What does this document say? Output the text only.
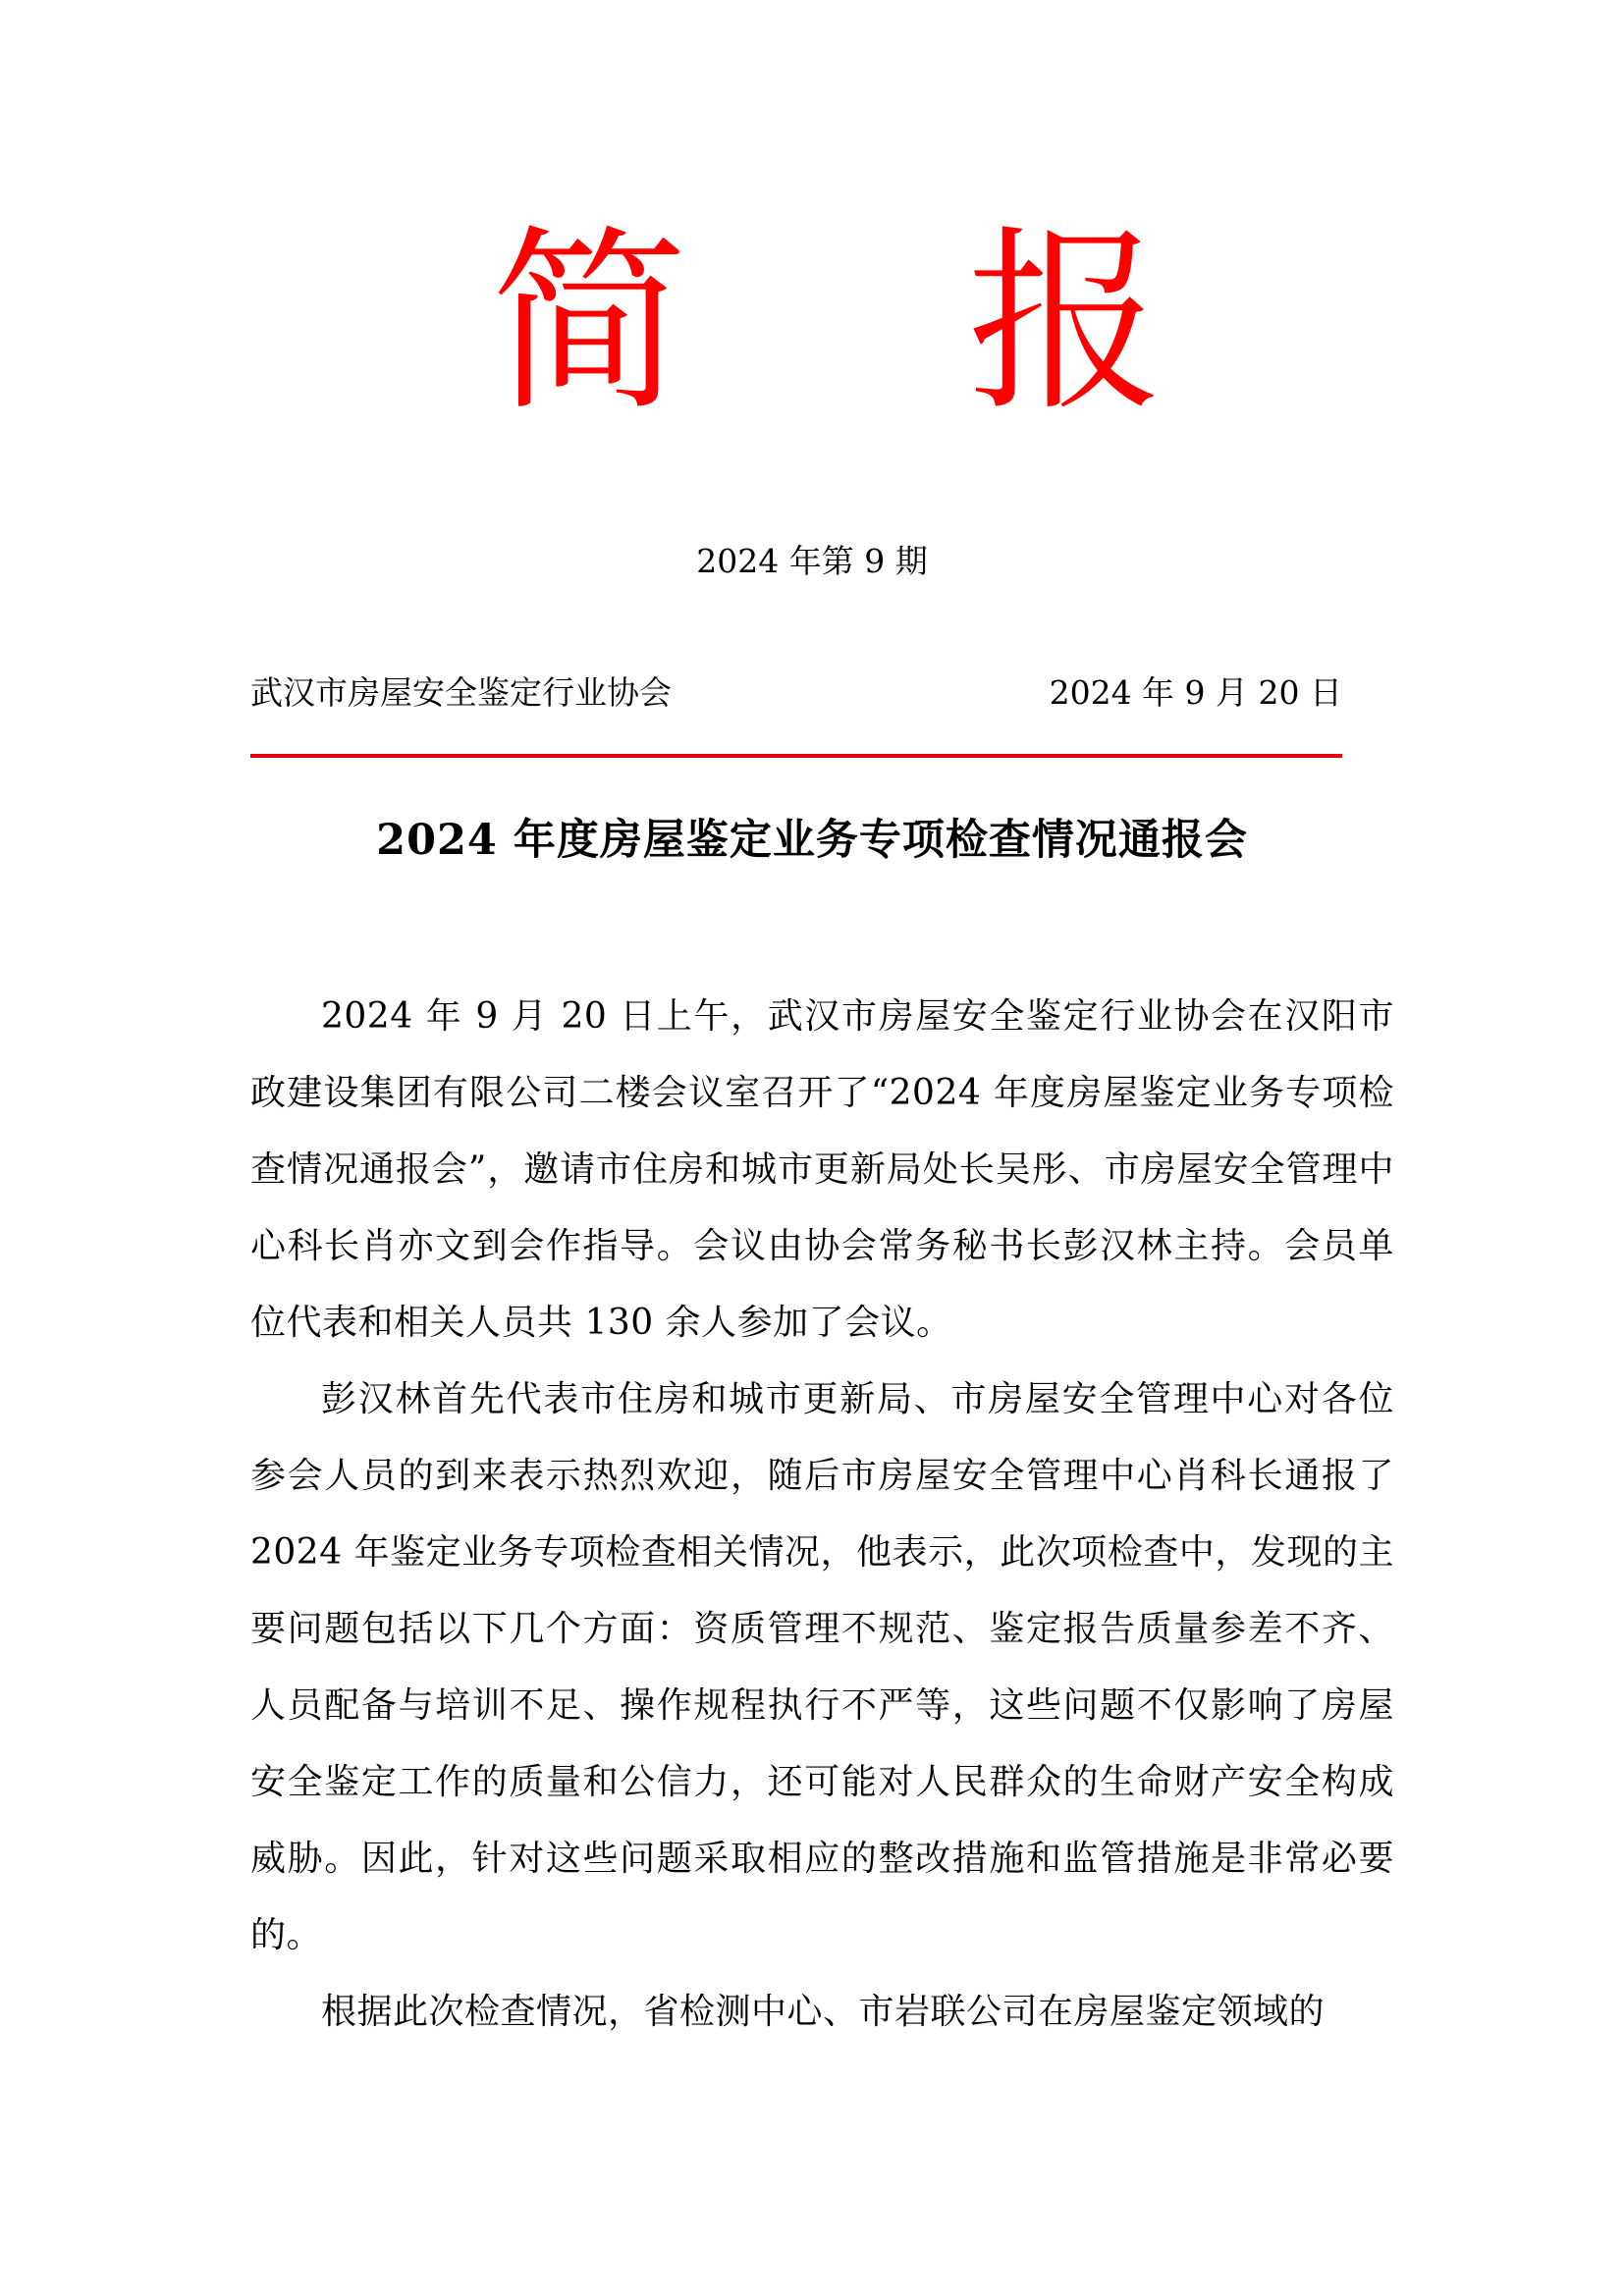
简 报
2024 年第 9 期
武汉市房屋安全鉴定行业协会	2024 年 9 月 20 日
2024 年度房屋鉴定业务专项检查情况通报会

2024 年 9 月 20 日上午，武汉市房屋安全鉴定行业协会在汉阳市政建设集团有限公司二楼会议室召开了“2024 年度房屋鉴定业务专项检查情况通报会”，邀请市住房和城市更新局处长吴彤、市房屋安全管理中心科长肖亦文到会作指导。会议由协会常务秘书长彭汉林主持。会员单位代表和相关人员共 130 余人参加了会议。

彭汉林首先代表市住房和城市更新局、市房屋安全管理中心对各位参会人员的到来表示热烈欢迎，随后市房屋安全管理中心肖科长通报了 2024 年鉴定业务专项检查相关情况，他表示，此次项检查中，发现的主要问题包括以下几个方面：资质管理不规范、鉴定报告质量参差不齐、人员配备与培训不足、操作规程执行不严等，这些问题不仅影响了房屋安全鉴定工作的质量和公信力，还可能对人民群众的生命财产安全构成威胁。因此，针对这些问题采取相应的整改措施和监管措施是非常必要的。

根据此次检查情况，省检测中心、市岩联公司在房屋鉴定领域的
